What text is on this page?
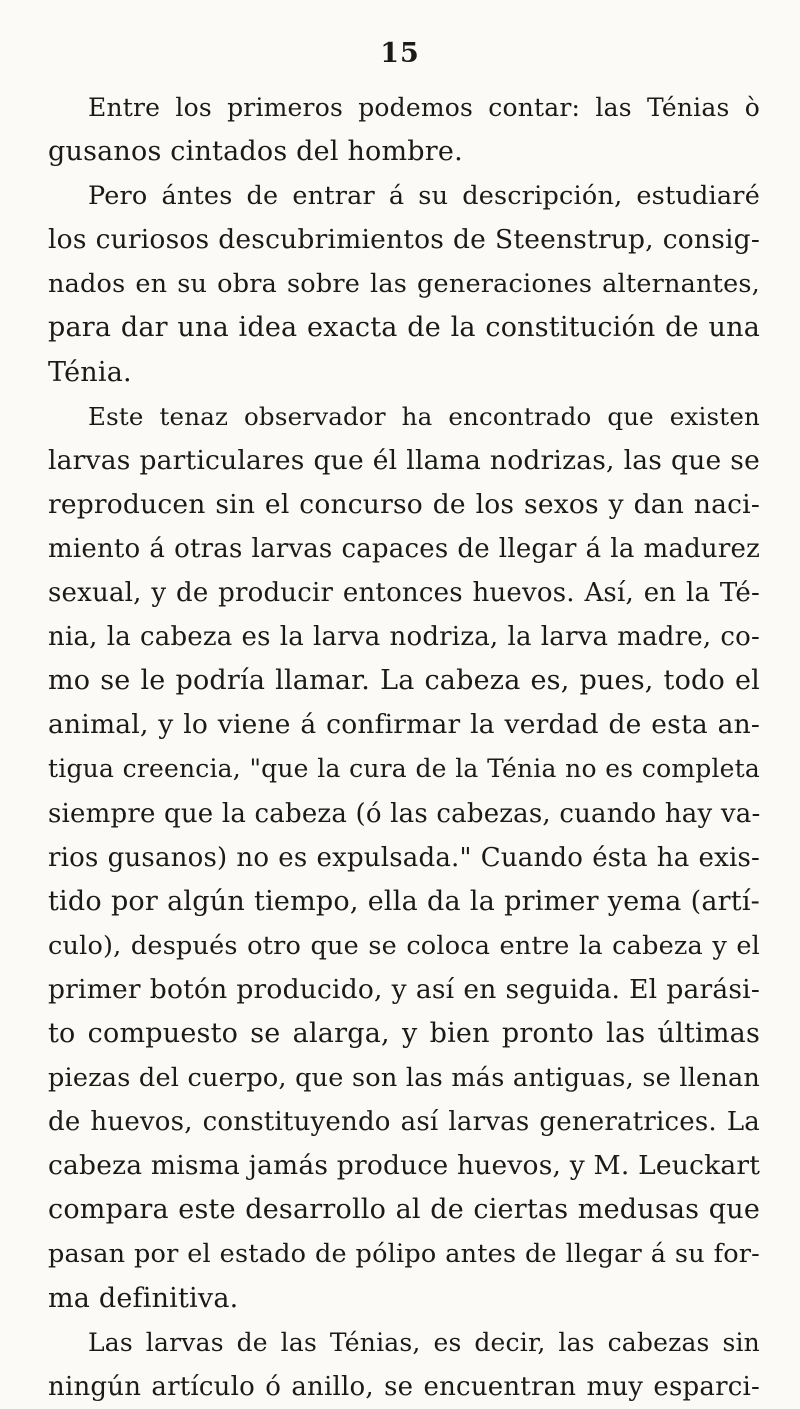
15
Entre los primeros podemos contar: las Ténias ò
gusanos cintados del hombre.
Pero ántes de entrar á su descripción, estudiaré
los curiosos descubrimientos de Steenstrup, consig-
nados en su obra sobre las generaciones alternantes,
para dar una idea exacta de la constitución de una
Ténia.
Este tenaz observador ha encontrado que existen
larvas particulares que él llama nodrizas, las que se
reproducen sin el concurso de los sexos y dan naci-
miento á otras larvas capaces de llegar á la madurez
sexual, y de producir entonces huevos. Así, en la Té-
nia, la cabeza es la larva nodriza, la larva madre, co-
mo se le podría llamar. La cabeza es, pues, todo el
animal, y lo viene á confirmar la verdad de esta an-
tigua creencia, "que la cura de la Ténia no es completa
siempre que la cabeza (ó las cabezas, cuando hay va-
rios gusanos) no es expulsada." Cuando ésta ha exis-
tido por algún tiempo, ella da la primer yema (artí-
culo), después otro que se coloca entre la cabeza y el
primer botón producido, y así en seguida. El parási-
to compuesto se alarga, y bien pronto las últimas
piezas del cuerpo, que son las más antiguas, se llenan
de huevos, constituyendo así larvas generatrices. La
cabeza misma jamás produce huevos, y M. Leuckart
compara este desarrollo al de ciertas medusas que
pasan por el estado de pólipo antes de llegar á su for-
ma definitiva.
Las larvas de las Ténias, es decir, las cabezas sin
ningún artículo ó anillo, se encuentran muy esparci-
